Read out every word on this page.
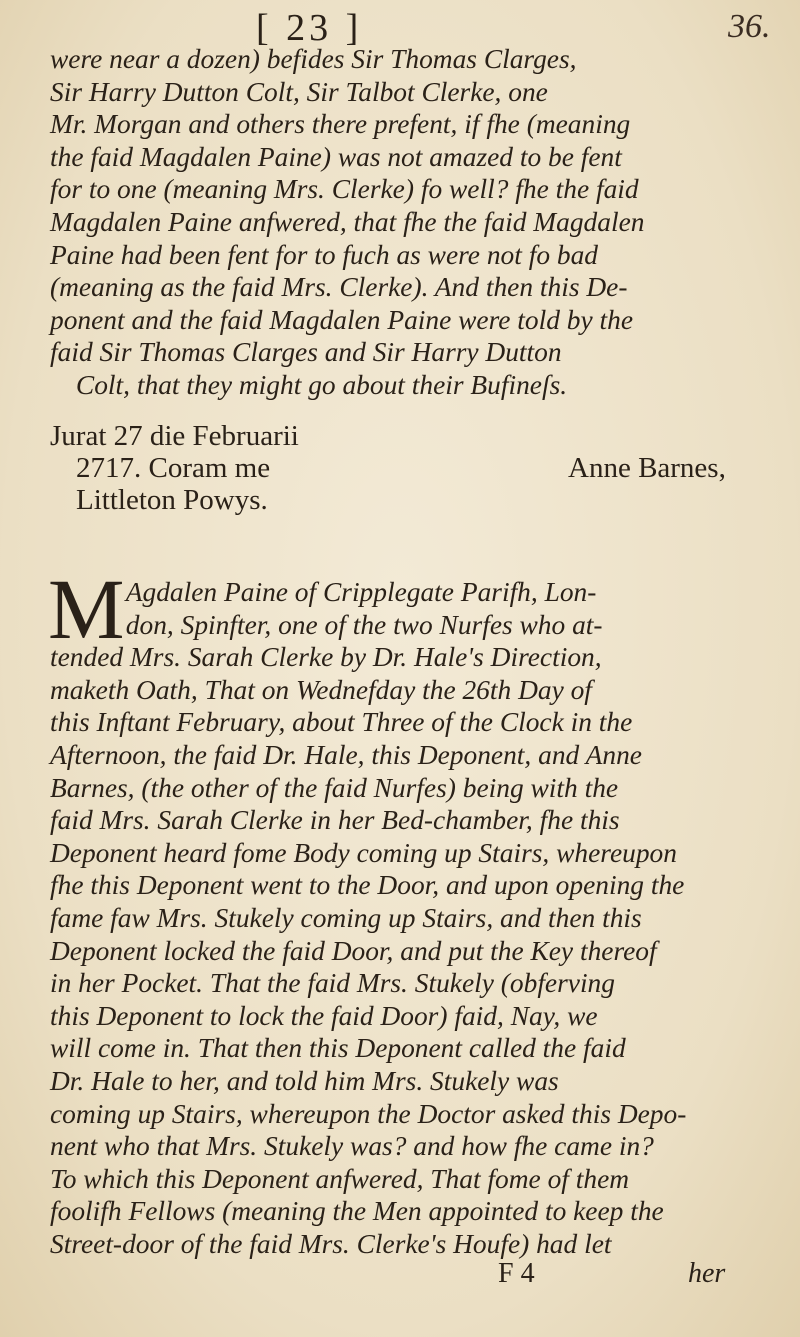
[ 23 ]	36.
were near a dozen) befides Sir Thomas Clarges,
Sir Harry Dutton Colt, Sir Talbot Clerke, one
Mr. Morgan and others there prefent, if fhe (meaning
the faid Magdalen Paine) was not amazed to be fent
for to one (meaning Mrs. Clerke) fo well? fhe the faid
Magdalen Paine anfwered, that fhe the faid Magdalen
Paine had been fent for to fuch as were not fo bad
(meaning as the faid Mrs. Clerke). And then this De-
ponent and the faid Magdalen Paine were told by the
faid Sir Thomas Clarges and Sir Harry Dutton
Colt, that they might go about their Bufineſs.
Jurat 27 die Februarii
2717. Coram me	Anne Barnes,
Littleton Powys.
M Agdalen Paine of Cripplegate Parifh, Lon-
don, Spinfter, one of the two Nurfes who at-
tended Mrs. Sarah Clerke by Dr. Hale's Direction,
maketh Oath, That on Wednefday the 26th Day of
this Inftant February, about Three of the Clock in the
Afternoon, the faid Dr. Hale, this Deponent, and Anne
Barnes, (the other of the faid Nurfes) being with the
faid Mrs. Sarah Clerke in her Bed-chamber, fhe this
Deponent heard fome Body coming up Stairs, whereupon
fhe this Deponent went to the Door, and upon opening the
fame faw Mrs. Stukely coming up Stairs, and then this
Deponent locked the faid Door, and put the Key thereof
in her Pocket. That the faid Mrs. Stukely (obferving
this Deponent to lock the faid Door) faid, Nay, we
will come in. That then this Deponent called the faid
Dr. Hale to her, and told him Mrs. Stukely was
coming up Stairs, whereupon the Doctor asked this Depo-
nent who that Mrs. Stukely was? and how fhe came in?
To which this Deponent anfwered, That fome of them
foolifh Fellows (meaning the Men appointed to keep the
Street-door of the faid Mrs. Clerke's Houfe) had let
F 4	her
